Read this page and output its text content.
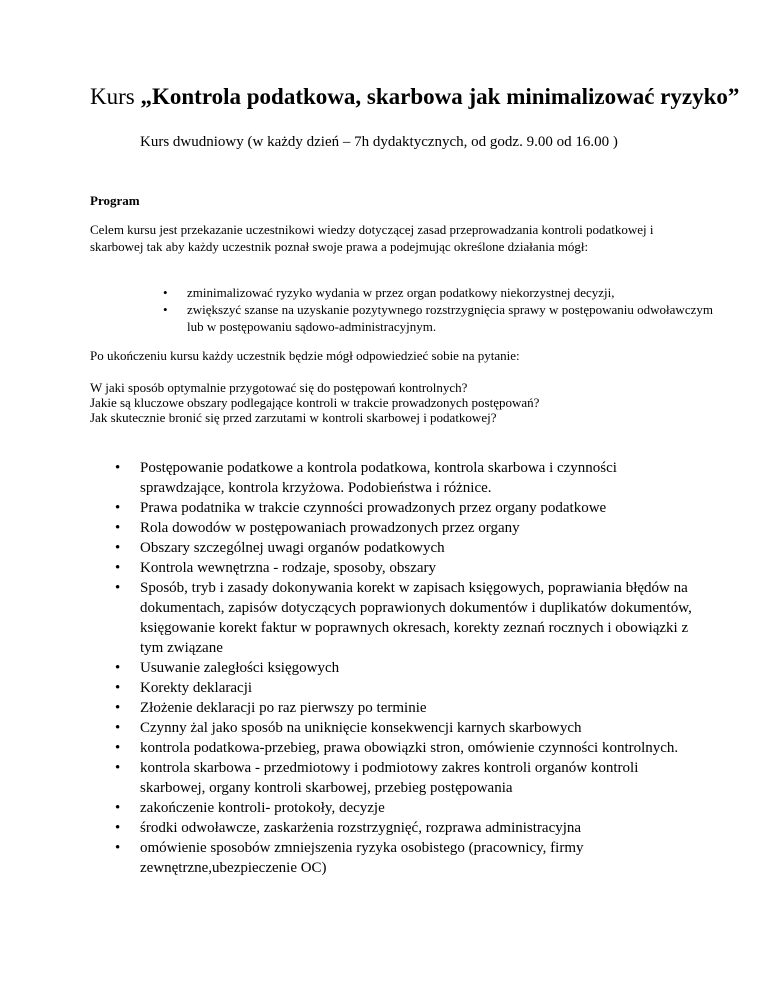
Kurs „Kontrola podatkowa, skarbowa jak minimalizować ryzyko”
Kurs dwudniowy (w każdy dzień – 7h dydaktycznych, od godz. 9.00 od 16.00 )
Program
Celem kursu jest przekazanie uczestnikowi wiedzy dotyczącej zasad przeprowadzania kontroli podatkowej i skarbowej tak aby każdy uczestnik poznał swoje prawa a podejmując określone działania mógł:
• zminimalizować ryzyko wydania w przez organ podatkowy niekorzystnej decyzji,
• zwiększyć szanse na uzyskanie pozytywnego rozstrzygnięcia sprawy w postępowaniu odwoławczym lub w postępowaniu sądowo-administracyjnym.
Po ukończeniu kursu każdy uczestnik będzie mógł odpowiedzieć sobie na pytanie:
W jaki sposób optymalnie przygotować się do postępowań kontrolnych?
Jakie są kluczowe obszary podlegające kontroli w trakcie prowadzonych postępowań?
Jak skutecznie bronić się przed zarzutami w kontroli skarbowej i podatkowej?
• Postępowanie podatkowe a kontrola podatkowa, kontrola skarbowa i czynności sprawdzające, kontrola krzyżowa. Podobieństwa i różnice.
• Prawa podatnika w trakcie czynności prowadzonych przez organy podatkowe
• Rola dowodów w postępowaniach prowadzonych przez organy
• Obszary szczególnej uwagi organów podatkowych
• Kontrola wewnętrzna - rodzaje, sposoby, obszary
• Sposób, tryb i zasady dokonywania korekt w zapisach księgowych, poprawiania błędów na dokumentach, zapisów dotyczących poprawionych dokumentów i duplikatów dokumentów, księgowanie korekt faktur w poprawnych okresach, korekty zeznań rocznych i obowiązki z tym związane
• Usuwanie zaległości księgowych
• Korekty deklaracji
• Złożenie deklaracji po raz pierwszy po terminie
• Czynny żal jako sposób na uniknięcie konsekwencji karnych skarbowych
• kontrola podatkowa-przebieg, prawa obowiązki stron, omówienie czynności kontrolnych.
• kontrola skarbowa - przedmiotowy i podmiotowy zakres kontroli organów kontroli skarbowej, organy kontroli skarbowej, przebieg postępowania
• zakończenie kontroli- protokoły, decyzje
• środki odwoławcze, zaskarżenia rozstrzygnięć, rozprawa administracyjna
• omówienie sposobów zmniejszenia ryzyka osobistego (pracownicy, firmy zewnętrzne,ubezpieczenie OC)
